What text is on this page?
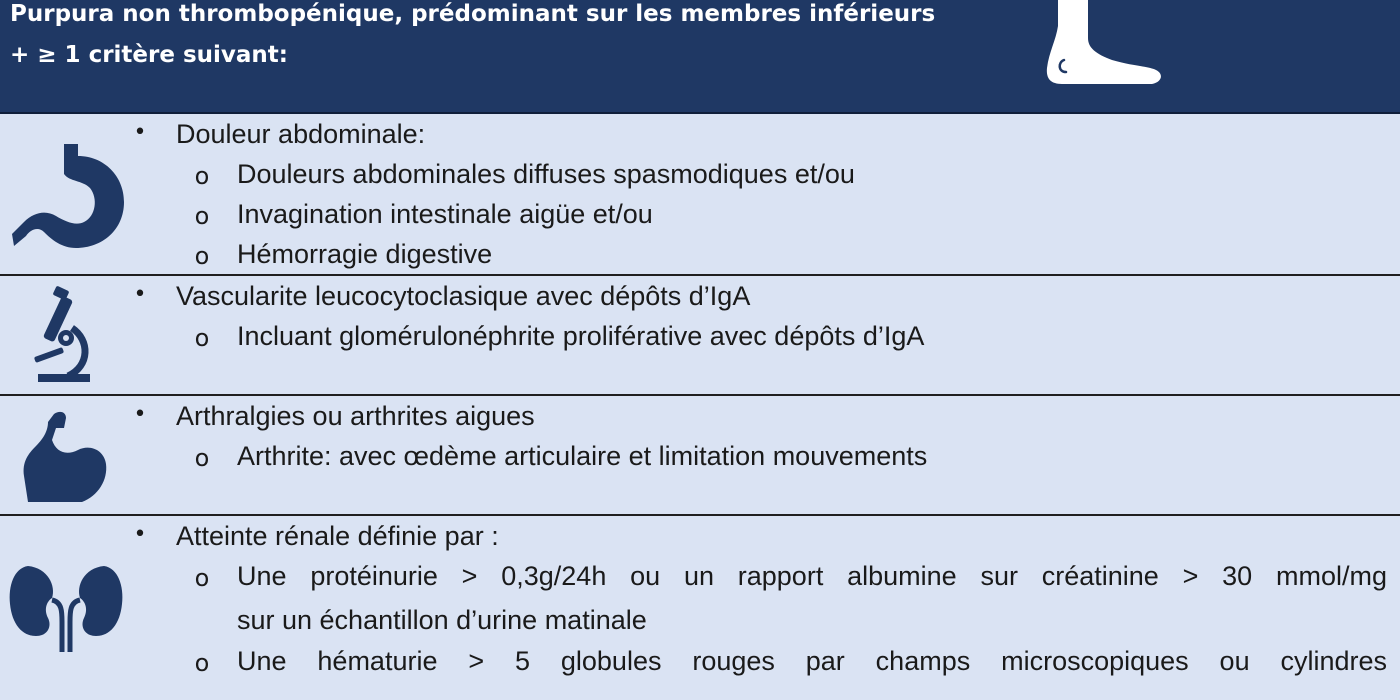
Purpura non thrombopénique, prédominant sur les membres inférieurs
+ ≥ 1 critère suivant:
• Douleur abdominale:
o Douleurs abdominales diffuses spasmodiques et/ou
o Invagination intestinale aigüe et/ou
o Hémorragie digestive
• Vascularite leucocytoclasique avec dépôts d’IgA
o Incluant glomérulonéphrite proliférative avec dépôts d’IgA
• Arthralgies ou arthrites aigues
o Arthrite: avec œdème articulaire et limitation mouvements
• Atteinte rénale définie par :
o Une protéinurie > 0,3g/24h ou un rapport albumine sur créatinine > 30 mmol/mg
sur un échantillon d’urine matinale
o Une hématurie > 5 globules rouges par champs microscopiques ou cylindres
